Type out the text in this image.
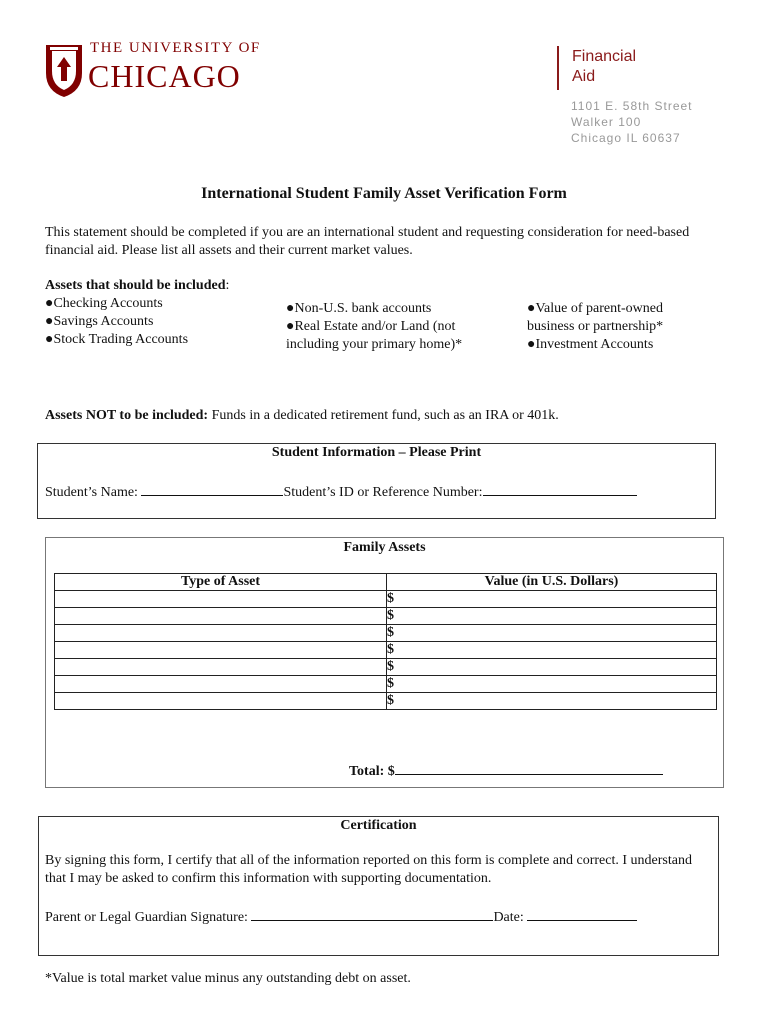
THE UNIVERSITY OF
CHICAGO
Financial
Aid
1101 E. 58th Street
Walker 100
Chicago IL 60637
International Student Family Asset Verification Form
This statement should be completed if you are an international student and requesting consideration for need-based financial aid. Please list all assets and their current market values.
Assets that should be included:
●Checking Accounts
●Savings Accounts
●Stock Trading Accounts
●Non-U.S. bank accounts
●Real Estate and/or Land (not including your primary home)*
●Value of parent-owned business or partnership*
●Investment Accounts
Assets NOT to be included: Funds in a dedicated retirement fund, such as an IRA or 401k.
Student Information – Please Print
Student’s Name:	Student’s ID or Reference Number:
Family Assets
Type of Asset	Value (in U.S. Dollars)
	$
	$
	$
	$
	$
	$
	$
Total: $
Certification
By signing this form, I certify that all of the information reported on this form is complete and correct. I understand that I may be asked to confirm this information with supporting documentation.
Parent or Legal Guardian Signature:	Date:
*Value is total market value minus any outstanding debt on asset.
